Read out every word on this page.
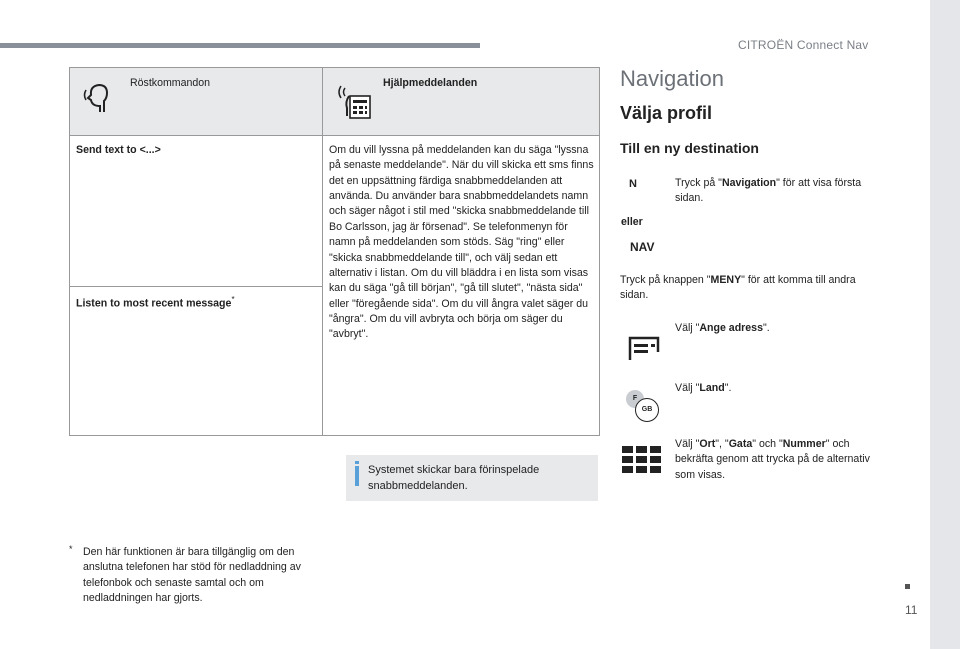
CITROËN Connect Nav
Röstkommandon	Hjälpmeddelanden

Send text to <...>	Om du vill lyssna på meddelanden kan du säga "lyssna på senaste meddelande". När du vill skicka ett sms finns det en uppsättning färdiga snabbmeddelanden att använda. Du använder bara snabbmeddelandets namn och säger något i stil med "skicka snabbmeddelande till Bo Carlsson, jag är försenad". Se telefonmenyn för namn på meddelanden som stöds. Säg "ring" eller "skicka snabbmeddelande till", och välj sedan ett alternativ i listan. Om du vill bläddra i en lista som visas kan du säga "gå till början", "gå till slutet", "nästa sida" eller "föregående sida". Om du vill ångra valet säger du "ångra". Om du vill avbryta och börja om säger du "avbryt".
Listen to most recent message*
Systemet skickar bara förinspelade snabbmeddelanden.
* Den här funktionen är bara tillgänglig om den anslutna telefonen har stöd för nedladdning av telefonbok och senaste samtal och om nedladdningen har gjorts.
Navigation
Välja profil
Till en ny destination
N
eller
NAV
Tryck på "Navigation" för att visa första sidan.
Tryck på knappen "MENY" för att komma till andra sidan.
Välj "Ange adress".
F
GB
Välj "Land".
Välj "Ort", "Gata" och "Nummer" och bekräfta genom att trycka på de alternativ som visas.
11
